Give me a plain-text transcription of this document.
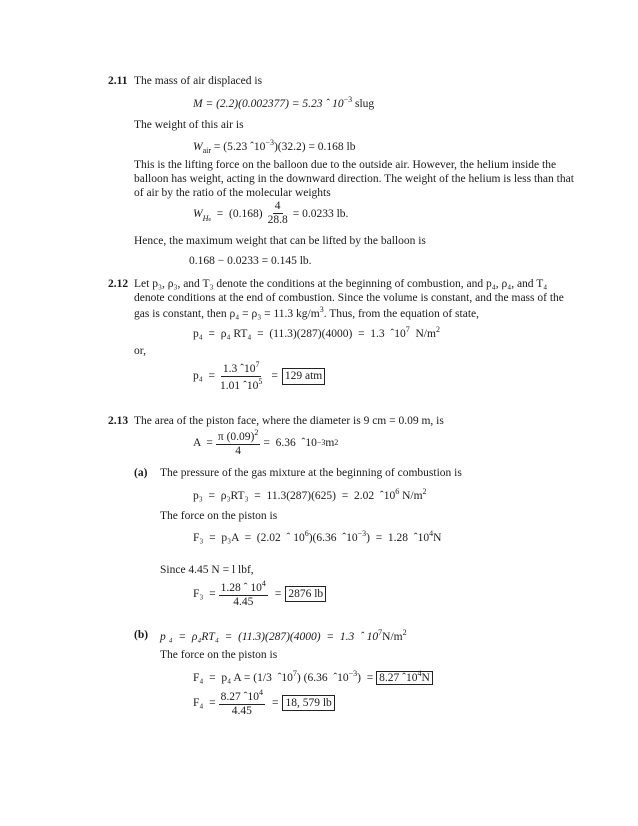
2.11 The mass of air displaced is
M = (2.2)(0.002377) = 5.23 ˆ $10^{-3}$ slug
The weight of this air is
$W_{air} = (5.23$ $ˆ10^{-3})(32.2) = 0.168$ lb
This is the lifting force on the balloon due to the outside air. However, the helium inside the
balloon has weight, acting in the downward direction. The weight of the helium is less than that
of air by the ratio of the molecular weights
$W_H$ e
=  $(0.168) \frac{4}{28.8} = 0.0233$ lb.
Hence, the maximum weight that can be lifted by the balloon is
0.168 − 0.0233 = 0.145 lb.
2.12 Let p₃, ρ₃, and T₃ denote the conditions at the beginning of combustion, and p₄, ρ₄, and T₄
denote conditions at the end of combustion. Since the volume is constant, and the mass of the
gas is constant, then ρ₄ = ρ₃ = 11.3 $kg/m^3$. Thus, from the equation of state,
p₄  =  ρ₄ RT₄  =  (11.3)(287)(4000)  =  1.3  $ˆ10^7$  $N/m^2$
or,
$p_4 = \frac{1.3 ˆ10^7}{1.01 ˆ10^5} = 129$ atm
2.13 The area of the piston face, where the diameter is 9 cm = 0.09 m, is
$A = \frac{\pi (0.09)^2}{4} = 6.36$  ˆ10 −3 m 2
(a) The pressure of the gas mixture at the beginning of combustion is
p₃  =  ρ₃RT₃  =  11.3(287)(625)  =  2.02  $ˆ10^6$ $N/m^2$
The force on the piston is
F₃  =  p₃A  =  (2.02  ˆ $10^6)(6.36$  $ˆ10^{-3}) = 1.28$  $ˆ10^4N$
Since 4.45 N = l lbf,
$F_3 = \frac{1.28 ˆ 10^4}{4.45} = 2876$ lb
(b) p ₄  =  ρ₄RT₄  =  (11.3)(287)(4000)  =  1.3  ˆ $10^7N/m^2$
The force on the piston is
F₄  =  p₄ A = (1/3  $ˆ10^7$) (6.36  $ˆ10^{-3}) = 8.27$ $ˆ10^4N$
$F_4 = \frac{8.27 ˆ10^4}{4.45} = 18$, 579 lb
